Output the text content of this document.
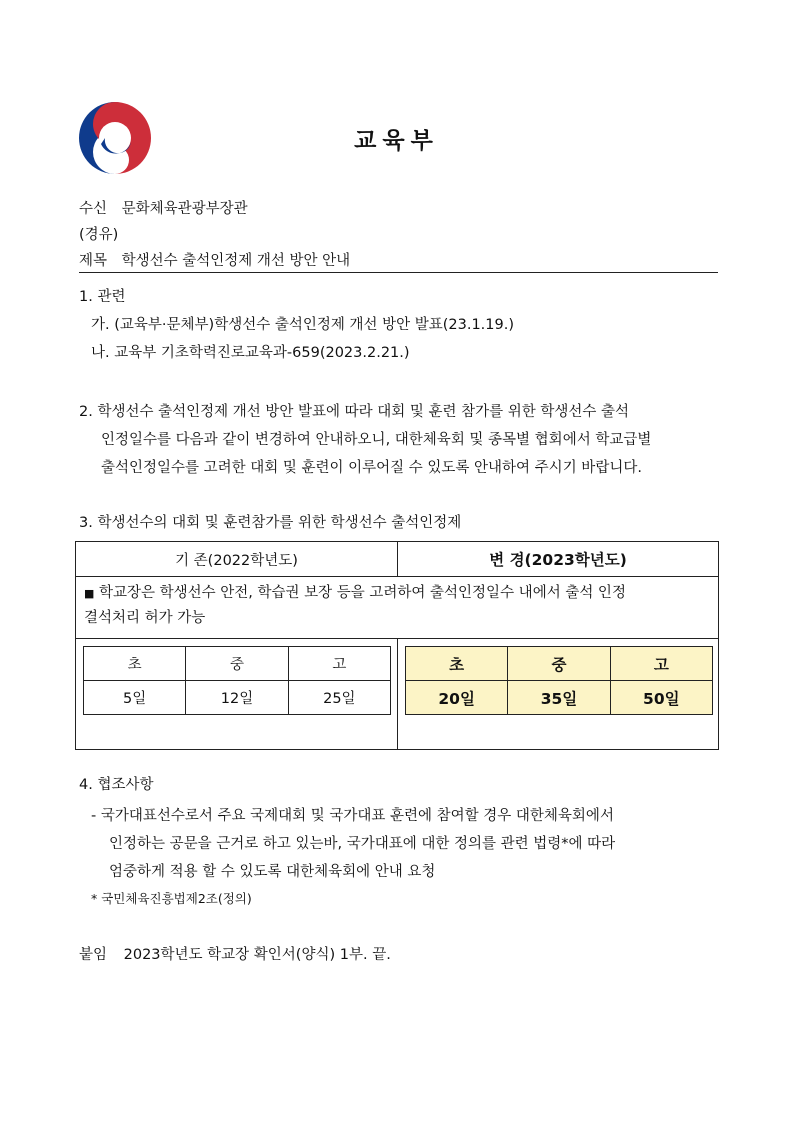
교육부
수신 문화체육관광부장관
(경유)
제목 학생선수 출석인정제 개선 방안 안내
1. 관련
가. (교육부·문체부)학생선수 출석인정제 개선 방안 발표(23.1.19.)
나. 교육부 기초학력진로교육과-659(2023.2.21.)
2. 학생선수 출석인정제 개선 방안 발표에 따라 대회 및 훈련 참가를 위한 학생선수 출석
인정일수를 다음과 같이 변경하여 안내하오니, 대한체육회 및 종목별 협회에서 학교급별
출석인정일수를 고려한 대회 및 훈련이 이루어질 수 있도록 안내하여 주시기 바랍니다.
3. 학생선수의 대회 및 훈련참가를 위한 학생선수 출석인정제
기 존(2022학년도)	변 경(2023학년도)
■ 학교장은 학생선수 안전, 학습권 보장 등을 고려하여 출석인정일수 내에서 출석 인정
결석처리 허가 가능

초	중	고
5일	12일	25일

초	중	고
20일	35일	50일
4. 협조사항
- 국가대표선수로서 주요 국제대회 및 국가대표 훈련에 참여할 경우 대한체육회에서
인정하는 공문을 근거로 하고 있는바, 국가대표에 대한 정의를 관련 법령*에 따라
엄중하게 적용 할 수 있도록 대한체육회에 안내 요청
* 국민체육진흥법제2조(정의)
붙임 2023학년도 학교장 확인서(양식) 1부. 끝.
